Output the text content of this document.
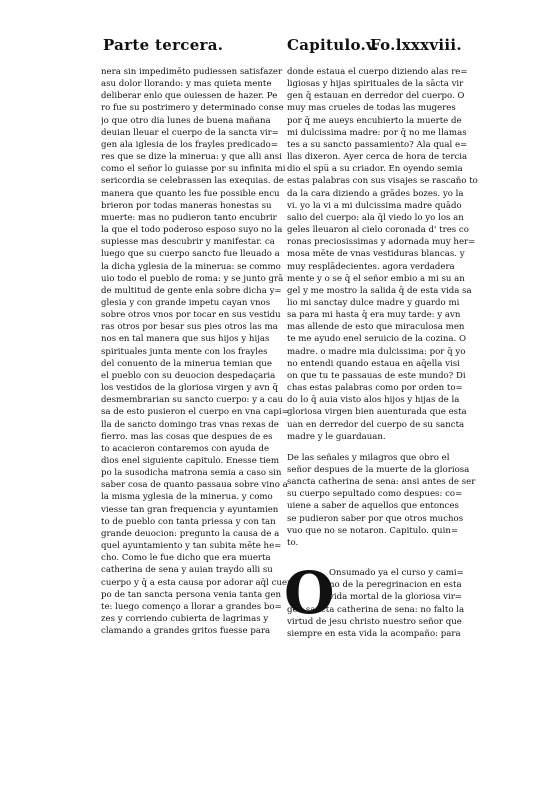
Parte tercera.	Capitulo.v.
Fo.lxxxviii.
nera sin impedimēto pudiessen satisfazer
asu dolor llorando: y mas quieta mente
deliberar enlo que ouiessen de hazer. Pe
ro fue su postrimero y determinado conse
jo que otro dia lunes de buena mañana
deuian lleuar el cuerpo de la sancta vir=
gen ala iglesia de los frayles predicado=
res que se dize la minerua: y que alli ansi
como el señor lo guiasse por su infinita mi
sericordia se celebrassen las exequias. de
manera que quanto les fue possible encu
brieron por todas maneras honestas su
muerte: mas no pudieron tanto encubrir
la que el todo poderoso esposo suyo no la
supiesse mas descubrir y manifestar. ca
luego que su cuerpo sancto fue lleuado a
la dicha yglesia de la minerua: se commo
uio todo el pueblo de roma: y se junto grā
de multitud de gente enla sobre dicha y=
glesia y con grande impetu cayan vnos
sobre otros vnos por tocar en sus vestidu
ras otros por besar sus pies otros las ma
nos en tal manera que sus hijos y hijas
spirituales junta mente con los frayles
del conuento de la minerua temian que
el pueblo con su deuocion despedaçaria
los vestidos de la gloriosa virgen y avn q̄
desmembrarian su sancto cuerpo: y a cau
sa de esto pusieron el cuerpo en vna capi=
lla de sancto domingo tras vnas rexas de
fierro. mas las cosas que despues de es
to acacieron contaremos con ayuda de
dios enel siguiente capitulo. Enesse tiem
po la susodicha matrona semia a caso sin
saber cosa de quanto passaua sobre vino a
la misma yglesia de la minerua. y como
viesse tan gran frequencia y ayuntamien
to de pueblo con tanta priessa y con tan
grande deuocion: pregunto la causa de a
quel ayuntamiento y tan subita mēte he=
cho. Como le fue dicho que era muerta
catherina de sena y auian traydo alli su
cuerpo y q̄ a esta causa por adorar aq̄l cuer
po de tan sancta persona venia tanta gen
te: luego començo a llorar a grandes bo=
zes y corriendo cubierta de lagrimas y
clamando a grandes gritos fuesse para
donde estaua el cuerpo diziendo alas re=
ligiosas y hijas spirituales de la sācta vir
gen q̄ estauan en derredor del cuerpo. O
muy mas crueles de todas las mugeres
por q̄ me aueys encubierto la muerte de
mi dulcissima madre: por q̄ no me llamas
tes a su sancto passamiento? Ala qual e=
llas dixeron. Ayer cerca de hora de tercia
dio el spu̅ a su criador. En oyendo semia
estas palabras con sus visajes se rascaño to
da la cara diziendo a grādes bozes. yo la
vi. yo la vi a mi dulcissima madre quādo
salio del cuerpo: ala q̄l viedo lo yo los an
geles lleuaron al cielo coronada d' tres co
ronas preciosissimas y adornada muy her=
mosa mēte de vnas vestiduras blancas. y
muy resplādecientes. agora verdadera
mente y o se q̄ el señor embio a mi su an
gel y me mostro la salida q̄ de esta vida sa
lio mi sanctay dulce madre y guardo mi
sa para mi hasta q̄ era muy tarde: y avn
mas allende de esto que miraculosa men
te me ayudo enel seruicio de la cozina. O
madre. o madre mia dulcissima: por q̄ yo
no entendi quando estaua en aq̄ella visi
on que tu te passauas de este mundo? Di
chas estas palabras como por orden to=
do lo q̄ auia visto alos hijos y hijas de la
gloriosa virgen bien auenturada que esta
uan en derredor del cuerpo de su sancta
madre y le guardauan.
De las señales y milagros que obro el
señor despues de la muerte de la gloriosa
sancta catherina de sena: ansi antes de ser
su cuerpo sepultado como despues: co=
uiene a saber de aquellos que entonces
se pudieron saber por que otros muchos
vuo que no se notaron. Capitulo. quin=
to.
O
Onsumado ya el curso y cami=
no de la peregrinacion en esta
vida mortal de la gloriosa vir=
gen sancta catherina de sena: no falto la
virtud de jesu christo nuestro señor que
siempre en esta vida la acompaño: para
